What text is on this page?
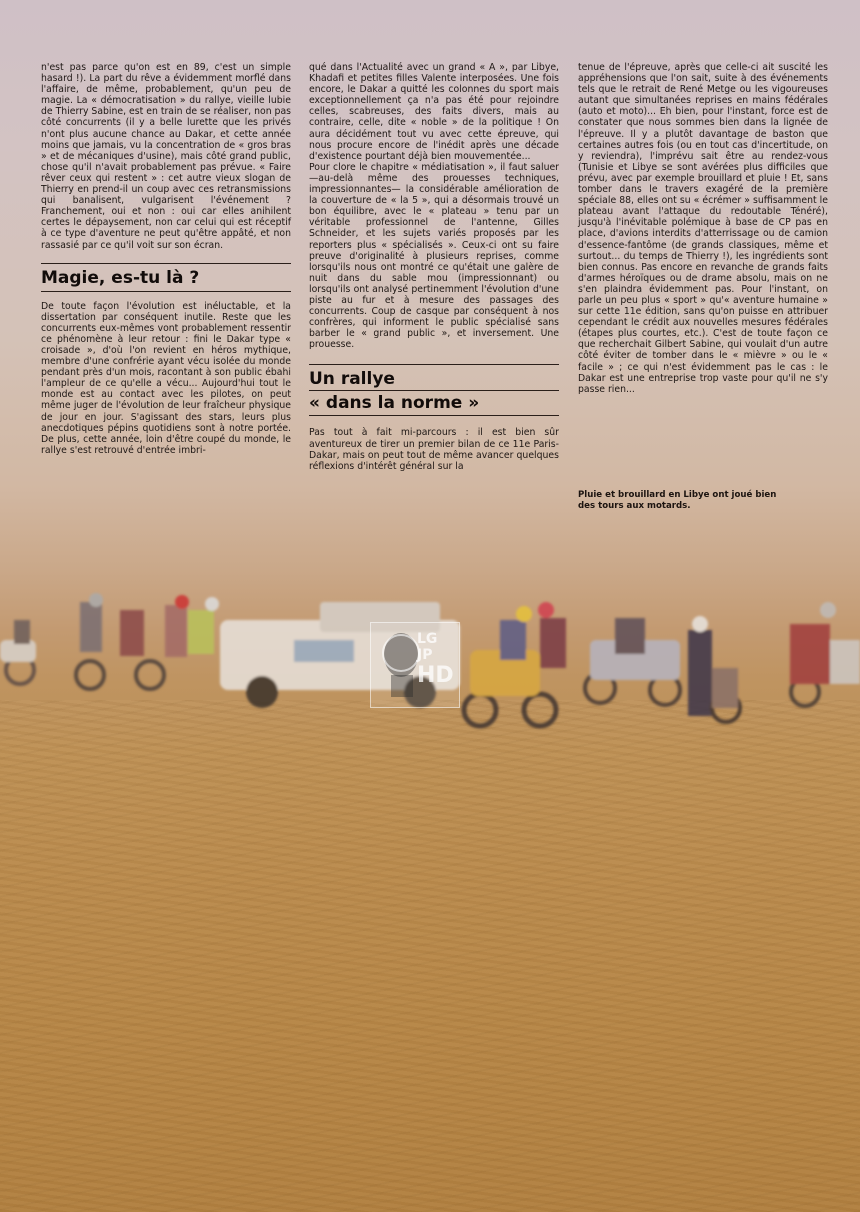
LG
JP
HD

n'est pas parce qu'on est en 89, c'est un simple hasard !). La part du rêve a évidemment morflé dans l'affaire, de même, probablement, qu'un peu de magie. La « démocratisation » du rallye, vieille lubie de Thierry Sabine, est en train de se réaliser, non pas côté concurrents (il y a belle lurette que les privés n'ont plus aucune chance au Dakar, et cette année moins que jamais, vu la concentration de « gros bras » et de mécaniques d'usine), mais côté grand public, chose qu'il n'avait probablement pas prévue. « Faire rêver ceux qui restent » : cet autre vieux slogan de Thierry en prend-il un coup avec ces retransmissions qui banalisent, vulgarisent l'événement ? Franchement, oui et non : oui car elles anihilent certes le dépaysement, non car celui qui est réceptif à ce type d'aventure ne peut qu'être appâté, et non rassasié par ce qu'il voit sur son écran.

Magie, es-tu là ?

De toute façon l'évolution est inéluctable, et la dissertation par conséquent inutile. Reste que les concurrents eux-mêmes vont probablement ressentir ce phénomène à leur retour : fini le Dakar type « croisade », d'où l'on revient en héros mythique, membre d'une confrérie ayant vécu isolée du monde pendant près d'un mois, racontant à son public ébahi l'ampleur de ce qu'elle a vécu... Aujourd'hui tout le monde est au contact avec les pilotes, on peut même juger de l'évolution de leur fraîcheur physique de jour en jour. S'agissant des stars, leurs plus anecdotiques pépins quotidiens sont à notre portée. De plus, cette année, loin d'être coupé du monde, le rallye s'est retrouvé d'entrée imbri-

qué dans l'Actualité avec un grand « A », par Libye, Khadafi et petites filles Valente interposées. Une fois encore, le Dakar a quitté les colonnes du sport mais exceptionnellement ça n'a pas été pour rejoindre celles, scabreuses, des faits divers, mais au contraire, celle, dite « noble » de la politique ! On aura décidément tout vu avec cette épreuve, qui nous procure encore de l'inédit après une décade d'existence pourtant déjà bien mouvementée...

Pour clore le chapitre « médiatisation », il faut saluer —au-delà même des prouesses techniques, impressionnantes— la considérable amélioration de la couverture de « la 5 », qui a désormais trouvé un bon équilibre, avec le « plateau » tenu par un véritable professionnel de l'antenne, Gilles Schneider, et les sujets variés proposés par les reporters plus « spécialisés ». Ceux-ci ont su faire preuve d'originalité à plusieurs reprises, comme lorsqu'ils nous ont montré ce qu'était une galère de nuit dans du sable mou (impressionnant) ou lorsqu'ils ont analysé pertinemment l'évolution d'une piste au fur et à mesure des passages des concurrents. Coup de casque par conséquent à nos confrères, qui informent le public spécialisé sans barber le « grand public », et inversement. Une prouesse.

Un rallye
« dans la norme »

Pas tout à fait mi-parcours : il est bien sûr aventureux de tirer un premier bilan de ce 11e Paris-Dakar, mais on peut tout de même avancer quelques réflexions d'intérêt général sur la

tenue de l'épreuve, après que celle-ci ait suscité les appréhensions que l'on sait, suite à des événements tels que le retrait de René Metge ou les vigoureuses autant que simultanées reprises en mains fédérales (auto et moto)... Eh bien, pour l'instant, force est de constater que nous sommes bien dans la lignée de l'épreuve. Il y a plutôt davantage de baston que certaines autres fois (ou en tout cas d'incertitude, on y reviendra), l'imprévu sait être au rendez-vous (Tunisie et Libye se sont avérées plus difficiles que prévu, avec par exemple brouillard et pluie ! Et, sans tomber dans le travers exagéré de la première spéciale 88, elles ont su « écrémer » suffisamment le plateau avant l'attaque du redoutable Ténéré), jusqu'à l'inévitable polémique à base de CP pas en place, d'avions interdits d'atterrissage ou de camion d'essence-fantôme (de grands classiques, même et surtout... du temps de Thierry !), les ingrédients sont bien connus. Pas encore en revanche de grands faits d'armes héroïques ou de drame absolu, mais on ne s'en plaindra évidemment pas. Pour l'instant, on parle un peu plus « sport » qu'« aventure humaine » sur cette 11e édition, sans qu'on puisse en attribuer cependant le crédit aux nouvelles mesures fédérales (étapes plus courtes, etc.). C'est de toute façon ce que recherchait Gilbert Sabine, qui voulait d'un autre côté éviter de tomber dans le « mièvre » ou le « facile » ; ce qui n'est évidemment pas le cas : le Dakar est une entreprise trop vaste pour qu'il ne s'y passe rien...

Pluie et brouillard en Libye ont joué bien des tours aux motards.
